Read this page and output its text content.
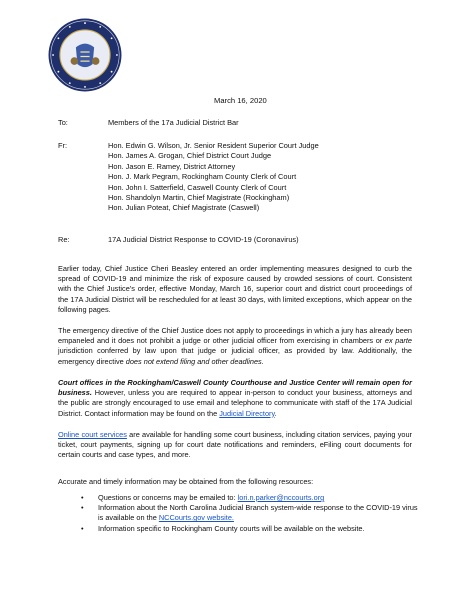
March 16, 2020
To:	Members of the 17a Judicial District Bar
Fr:	Hon. Edwin G. Wilson, Jr. Senior Resident Superior Court Judge
Hon. James A. Grogan, Chief District Court Judge
Hon. Jason E. Ramey, District Attorney
Hon. J. Mark Pegram, Rockingham County Clerk of Court
Hon. John I. Satterfield, Caswell County Clerk of Court
Hon. Shandolyn Martin, Chief Magistrate (Rockingham)
Hon. Julian Poteat, Chief Magistrate (Caswell)
Re:	17A Judicial District Response to COVID-19 (Coronavirus)

Earlier today, Chief Justice Cheri Beasley entered an order implementing measures designed to curb the spread of COVID-19 and minimize the risk of exposure caused by crowded sessions of court. Consistent with the Chief Justice’s order, effective Monday, March 16, superior court and district court proceedings of the 17A Judicial District will be rescheduled for at least 30 days, with limited exceptions, which appear on the following pages.

The emergency directive of the Chief Justice does not apply to proceedings in which a jury has already been empaneled and it does not prohibit a judge or other judicial officer from exercising in chambers or ex parte jurisdiction conferred by law upon that judge or judicial officer, as provided by law. Additionally, the emergency directive does not extend filing and other deadlines.

Court offices in the Rockingham/Caswell County Courthouse and Justice Center will remain open for business. However, unless you are required to appear in-person to conduct your business, attorneys and the public are strongly encouraged to use email and telephone to communicate with staff of the 17A Judicial District. Contact information may be found on the Judicial Directory.

Online court services are available for handling some court business, including citation services, paying your ticket, court payments, signing up for court date notifications and reminders, eFiling court documents for certain courts and case types, and more.

Accurate and timely information may be obtained from the following resources:

• Questions or concerns may be emailed to: lori.n.parker@nccourts.org
• Information about the North Carolina Judicial Branch system-wide response to the COVID-19 virus is available on the NCCourts.gov website.
• Information specific to Rockingham County courts will be available on the website.
